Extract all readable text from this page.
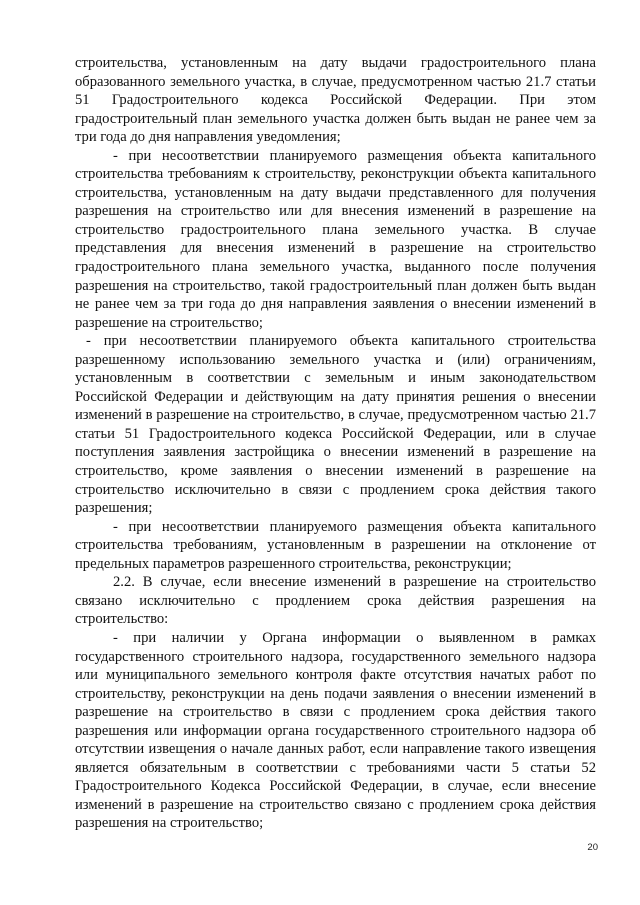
строительства, установленным на дату выдачи градостроительного плана образованного земельного участка, в случае, предусмотренном частью 21.7 статьи 51 Градостроительного кодекса Российской Федерации. При этом градостроительный план земельного участка должен быть выдан не ранее чем за три года до дня направления уведомления;

- при несоответствии планируемого размещения объекта капитального строительства требованиям к строительству, реконструкции объекта капитального строительства, установленным на дату выдачи представленного для получения разрешения на строительство или для внесения изменений в разрешение на строительство градостроительного плана земельного участка. В случае представления для внесения изменений в разрешение на строительство градостроительного плана земельного участка, выданного после получения разрешения на строительство, такой градостроительный план должен быть выдан не ранее чем за три года до дня направления заявления о внесении изменений в разрешение на строительство;

- при несоответствии планируемого объекта капитального строительства разрешенному использованию земельного участка и (или) ограничениям, установленным в соответствии с земельным и иным законодательством Российской Федерации и действующим на дату принятия решения о внесении изменений в разрешение на строительство, в случае, предусмотренном частью 21.7 статьи 51 Градостроительного кодекса Российской Федерации, или в случае поступления заявления застройщика о внесении изменений в разрешение на строительство, кроме заявления о внесении изменений в разрешение на строительство исключительно в связи с продлением срока действия такого разрешения;

- при несоответствии планируемого размещения объекта капитального строительства требованиям, установленным в разрешении на отклонение от предельных параметров разрешенного строительства, реконструкции;

2.2. В случае, если внесение изменений в разрешение на строительство связано исключительно с продлением срока действия разрешения на строительство:

- при наличии у Органа информации о выявленном в рамках государственного строительного надзора, государственного земельного надзора или муниципального земельного контроля факте отсутствия начатых работ по строительству, реконструкции на день подачи заявления о внесении изменений в разрешение на строительство в связи с продлением срока действия такого разрешения или информации органа государственного строительного надзора об отсутствии извещения о начале данных работ, если направление такого извещения является обязательным в соответствии с требованиями части 5 статьи 52 Градостроительного Кодекса Российской Федерации, в случае, если внесение изменений в разрешение на строительство связано с продлением срока действия разрешения на строительство;

20
